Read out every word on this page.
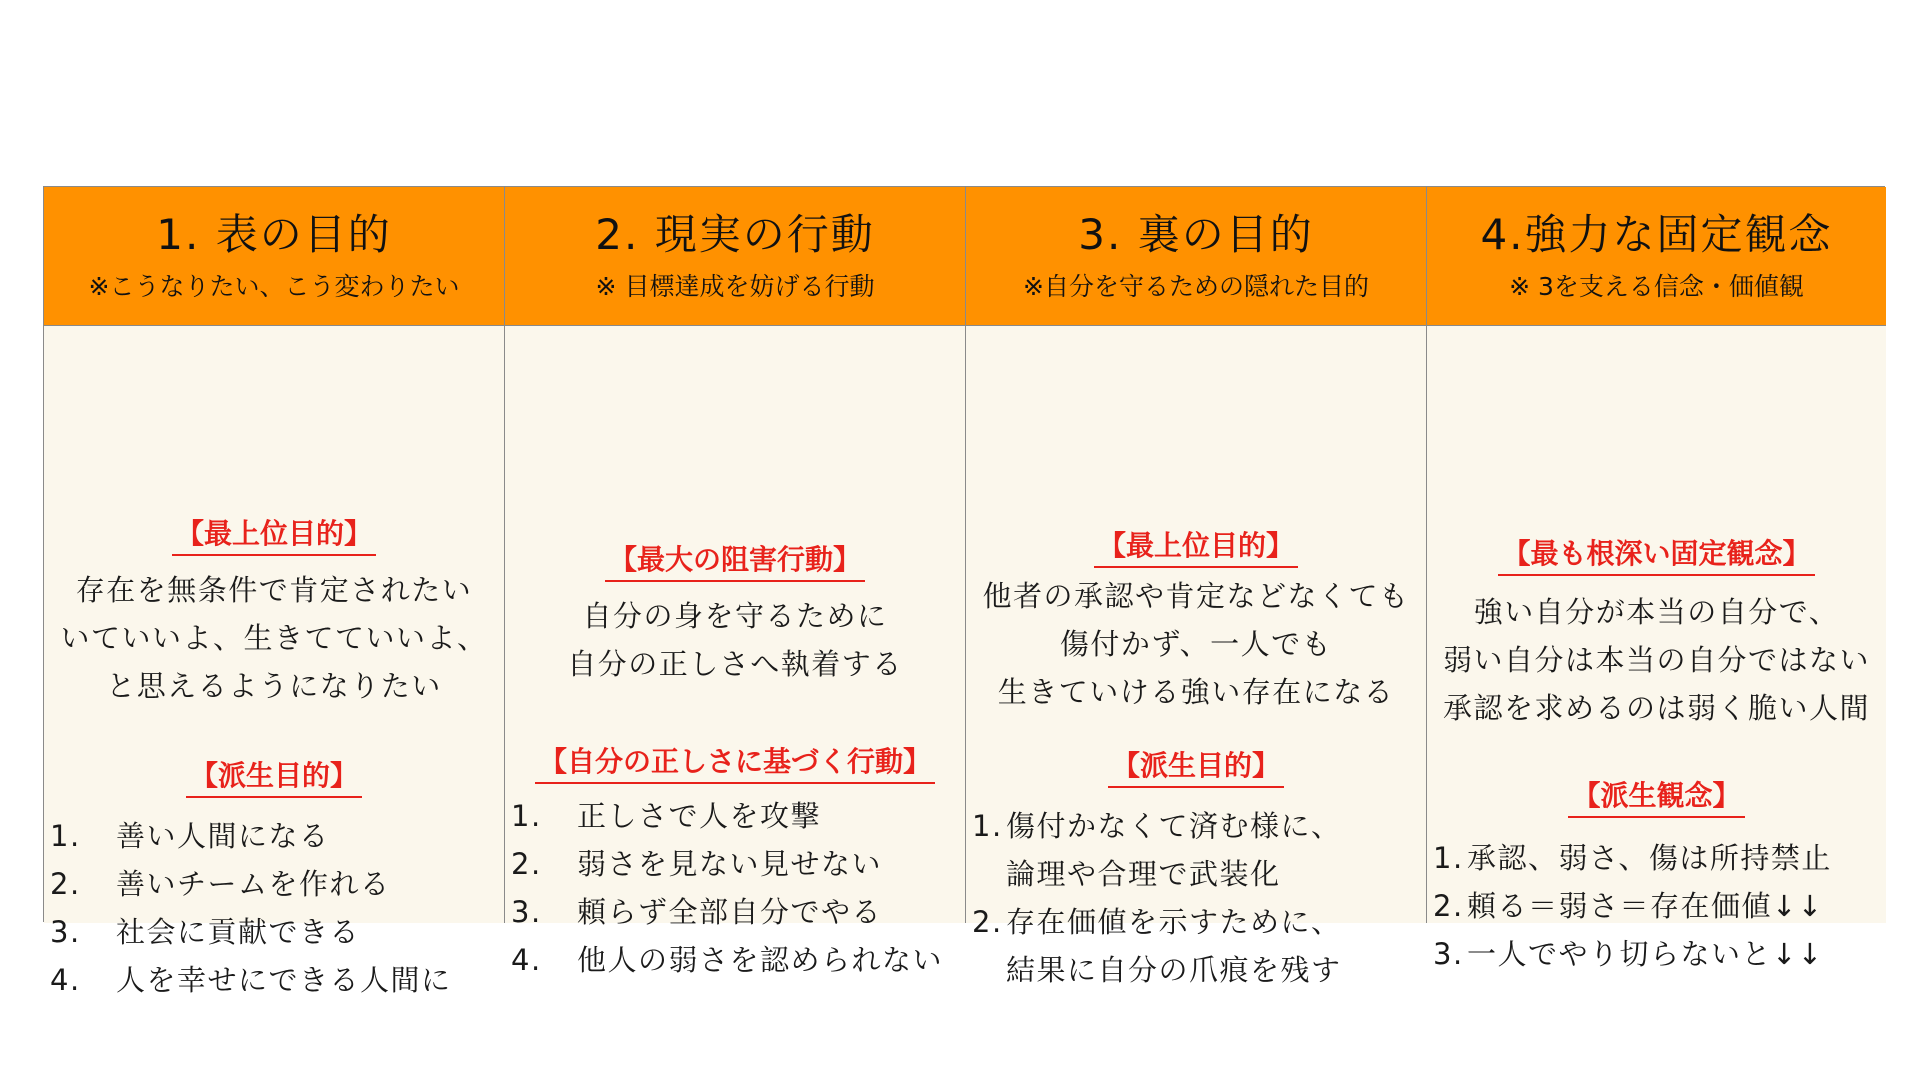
1. 表の目的
※こうなりたい、こう変わりたい
2. 現実の行動
※ 目標達成を妨げる行動
3. 裏の目的
※自分を守るための隠れた目的
4.強力な固定観念
※ 3を支える信念・価値観
【最上位目的】
存在を無条件で肯定されたい
いていいよ、生きてていいよ、
と思えるようになりたい
【派生目的】
1. 善い人間になる
2. 善いチームを作れる
3. 社会に貢献できる
4. 人を幸せにできる人間に
【最大の阻害行動】
自分の身を守るために
自分の正しさへ執着する
【自分の正しさに基づく行動】
1. 正しさで人を攻撃
2. 弱さを見ない見せない
3. 頼らず全部自分でやる
4. 他人の弱さを認められない
【最上位目的】
他者の承認や肯定などなくても
傷付かず、一人でも
生きていける強い存在になる
【派生目的】
1. 傷付かなくて済む様に、
論理や合理で武装化
2. 存在価値を示すために、
結果に自分の爪痕を残す
【最も根深い固定観念】
強い自分が本当の自分で、
弱い自分は本当の自分ではない
承認を求めるのは弱く脆い人間
【派生観念】
1. 承認、弱さ、傷は所持禁止
2. 頼る＝弱さ＝存在価値↓↓
3. 一人でやり切らないと↓↓
